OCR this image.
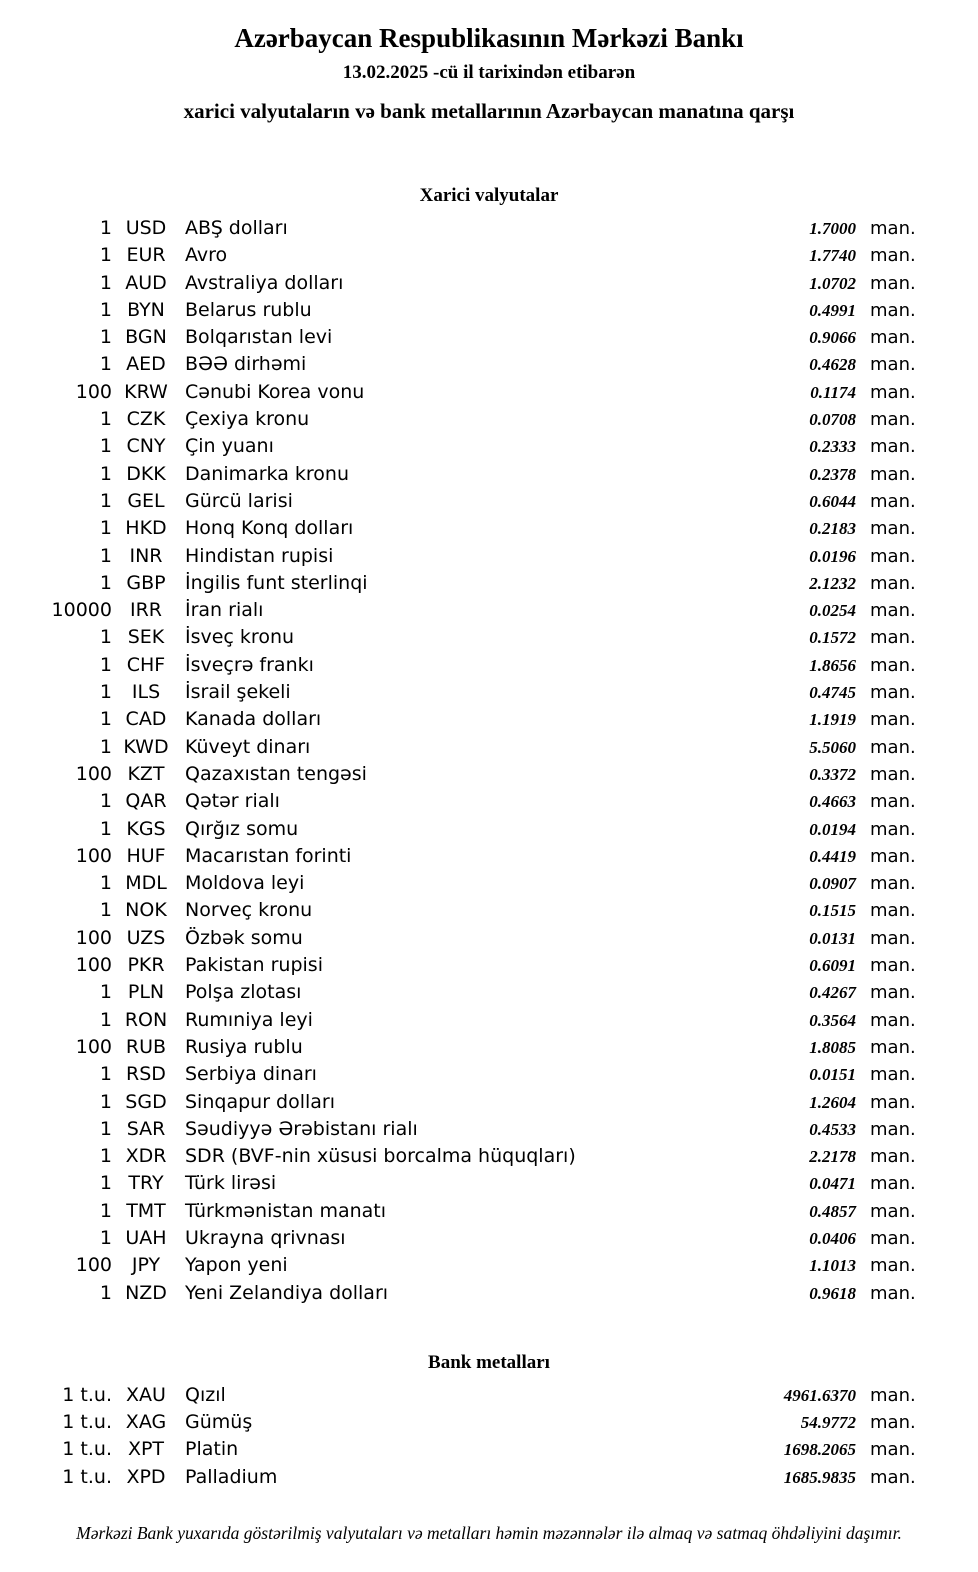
Azərbaycan Respublikasının Mərkəzi Bankı
13.02.2025 -cü il tarixindən etibarən
xarici valyutaların və bank metallarının Azərbaycan manatına qarşı
Xarici valyutalar
1 USD ABŞ dolları	1.7000 man.
1 EUR	Avro	1.7740 man.
1 AUD Avstraliya dolları	1.0702 man.
1 BYN	Belarus rublu	0.4991 man.
1 BGN Bolqarıstan levi	0.9066 man.
1 AED	BƏƏ dirhəmi	0.4628 man.
100 KRW Cənubi Korea vonu	0.1174 man.
1 CZK	Çexiya kronu	0.0708 man.
1 CNY	Çin yuanı	0.2333 man.
1 DKK	Danimarka kronu	0.2378 man.
1 GEL	Gürcü larisi	0.6044 man.
1 HKD Honq Konq dolları	0.2183 man.
1 INR	Hindistan rupisi	0.0196 man.
1 GBP	İngilis funt sterlinqi	2.1232 man.
10000 IRR	İran rialı	0.0254 man.
1 SEK	İsveç kronu	0.1572 man.
1 CHF	İsveçrə frankı	1.8656 man.
1	ILS	İsrail şekeli	0.4745 man.
1 CAD Kanada dolları	1.1919 man.
1 KWD Küveyt dinarı	5.5060 man.
100 KZT	Qazaxıstan tengəsi	0.3372 man.
1 QAR Qətər rialı	0.4663 man.
1 KGS	Qırğız somu	0.0194 man.
100 HUF	Macarıstan forinti	0.4419 man.
1 MDL Moldova leyi	0.0907 man.
1 NOK Norveç kronu	0.1515 man.
100 UZS	Özbək somu	0.0131 man.
100 PKR	Pakistan rupisi	0.6091 man.
1 PLN	Polşa zlotası	0.4267 man.
1 RON Rumıniya leyi	0.3564 man.
100 RUB Rusiya rublu	1.8085 man.
1 RSD	Serbiya dinarı	0.0151 man.
1 SGD Sinqapur dolları	1.2604 man.
1 SAR	Səudiyyə Ərəbistanı rialı	0.4533 man.
1 XDR SDR (BVF-nin xüsusi borcalma hüquqları)	2.2178 man.
1 TRY	Türk lirəsi	0.0471 man.
1 TMT	Türkmənistan manatı	0.4857 man.
1 UAH Ukrayna qrivnası	0.0406 man.
100	JPY	Yapon yeni	1.1013 man.
1 NZD Yeni Zelandiya dolları	0.9618 man.
Bank metalları
1 t.u. XAU	Qızıl	4961.6370 man.
1 t.u. XAG Gümüş	54.9772 man.
1 t.u. XPT	Platin	1698.2065 man.
1 t.u. XPD	Palladium	1685.9835 man.
Mərkəzi Bank yuxarıda göstərilmiş valyutaları və metalları həmin məzənnələr ilə almaq və satmaq öhdəliyini daşımır.
